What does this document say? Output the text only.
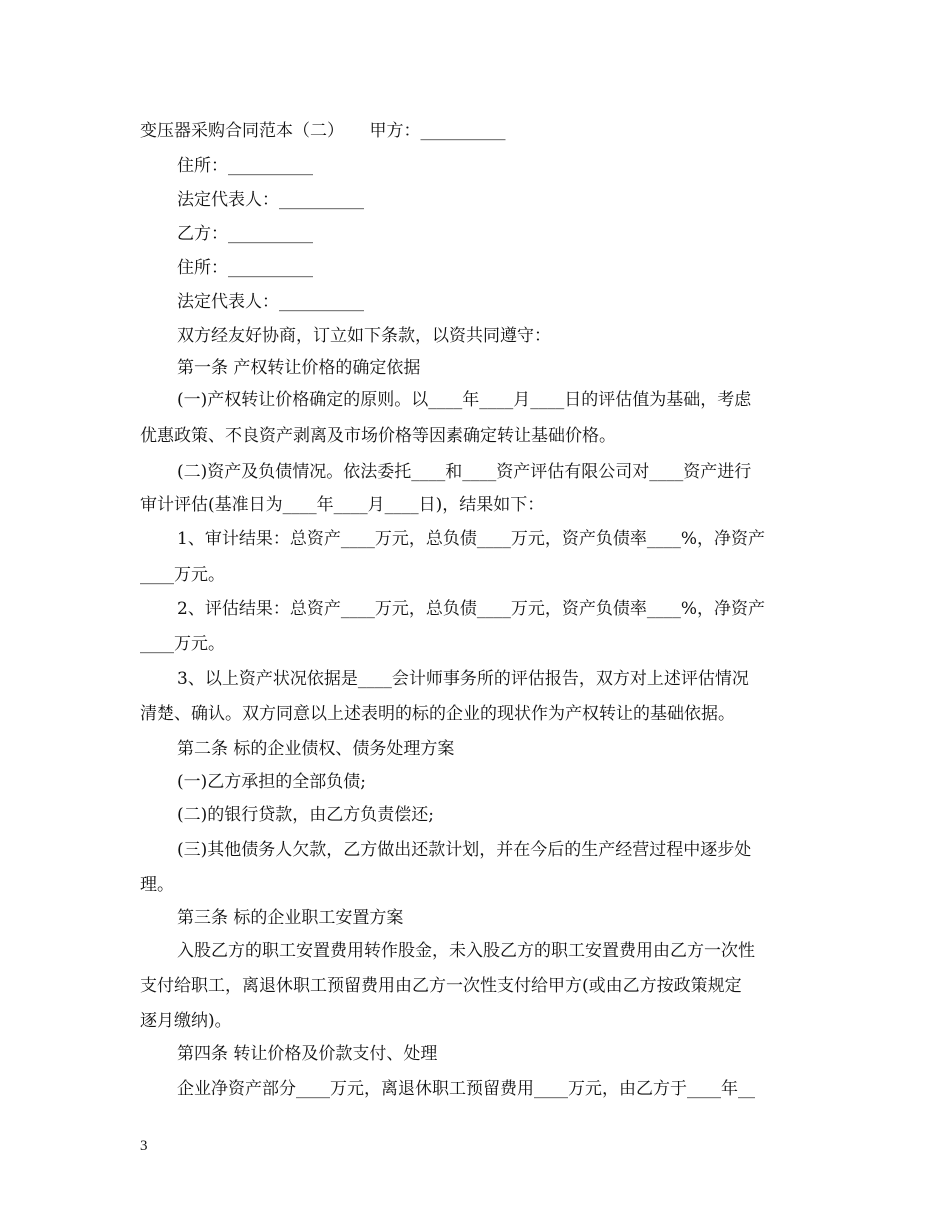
变压器采购合同范本（二）　　甲方：__________
住所：__________
法定代表人：__________
乙方：__________
住所：__________
法定代表人：__________
双方经友好协商，订立如下条款，以资共同遵守：
第一条 产权转让价格的确定依据
(一)产权转让价格确定的原则。以____年____月____日的评估值为基础，考虑
优惠政策、不良资产剥离及市场价格等因素确定转让基础价格。
(二)资产及负债情况。依法委托____和____资产评估有限公司对____资产进行
审计评估(基准日为____年____月____日)，结果如下：
1、审计结果：总资产____万元，总负债____万元，资产负债率____%，净资产
____万元。
2、评估结果：总资产____万元，总负债____万元，资产负债率____%，净资产
____万元。
3、以上资产状况依据是____会计师事务所的评估报告，双方对上述评估情况
清楚、确认。双方同意以上述表明的标的企业的现状作为产权转让的基础依据。
第二条 标的企业债权、债务处理方案
(一)乙方承担的全部负债;
(二)的银行贷款，由乙方负责偿还;
(三)其他债务人欠款，乙方做出还款计划，并在今后的生产经营过程中逐步处
理。
第三条 标的企业职工安置方案
入股乙方的职工安置费用转作股金，未入股乙方的职工安置费用由乙方一次性
支付给职工，离退休职工预留费用由乙方一次性支付给甲方(或由乙方按政策规定
逐月缴纳)。
第四条 转让价格及价款支付、处理
企业净资产部分____万元，离退休职工预留费用____万元，由乙方于____年__
3
